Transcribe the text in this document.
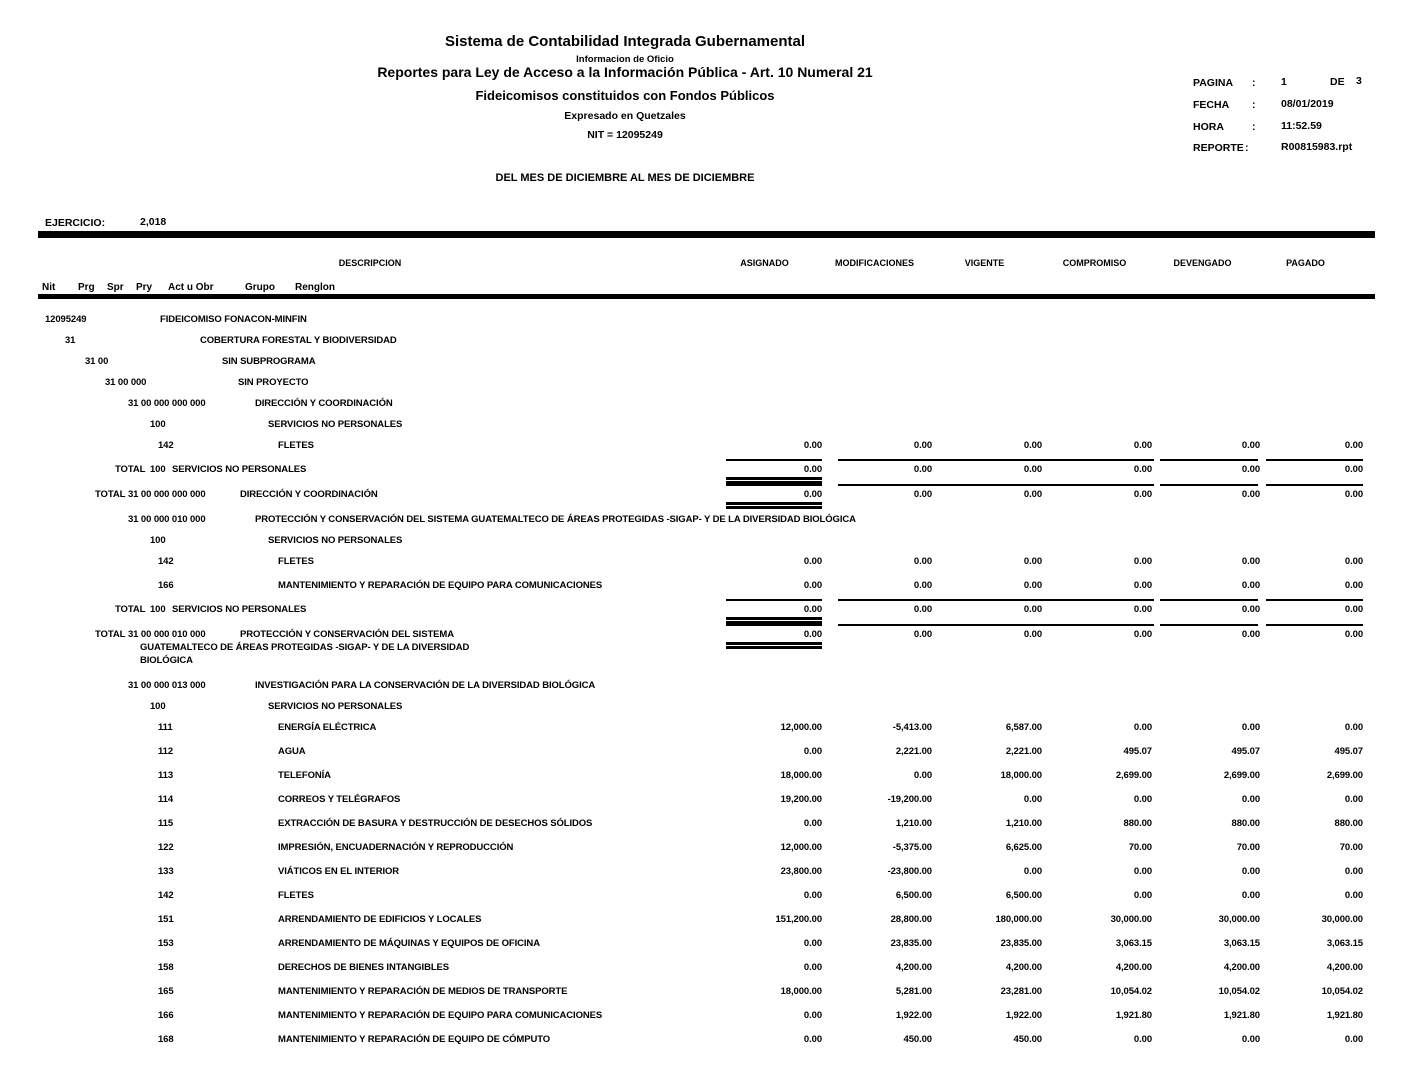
Sistema de Contabilidad Integrada Gubernamental
Informacion de Oficio
Reportes para Ley de Acceso a la Información Pública - Art. 10 Numeral 21
Fideicomisos constituidos con Fondos Públicos
Expresado en Quetzales
NIT = 12095249
DEL MES DE DICIEMBRE AL MES DE DICIEMBRE
PAGINA : 1	DE 3
FECHA : 08/01/2019
HORA	: 11:52.59
REPORTE :	R00815983.rpt
EJERCICIO:	2,018
DESCRIPCION	ASIGNADO	MODIFICACIONES	VIGENTE	COMPROMISO	DEVENGADO	PAGADO
Nit Prg Spr Pry Act u Obr	Grupo Renglon
12095249	FIDEICOMISO FONACON-MINFIN
31	COBERTURA FORESTAL Y BIODIVERSIDAD
31 00	SIN SUBPROGRAMA
31 00 000	SIN PROYECTO
31 00 000 000 000	DIRECCIÓN Y COORDINACIÓN
100	SERVICIOS NO PERSONALES
142	FLETES	0.00	0.00	0.00	0.00	0.00	0.00
TOTAL 100 SERVICIOS NO PERSONALES	0.00	0.00	0.00	0.00	0.00	0.00
TOTAL 31 00 000 000 000	DIRECCIÓN Y COORDINACIÓN	0.00	0.00	0.00	0.00	0.00	0.00
31 00 000 010 000	PROTECCIÓN Y CONSERVACIÓN DEL SISTEMA GUATEMALTECO DE ÁREAS PROTEGIDAS -SIGAP- Y DE LA DIVERSIDAD BIOLÓGICA
100	SERVICIOS NO PERSONALES
142	FLETES	0.00	0.00	0.00	0.00	0.00	0.00
166	MANTENIMIENTO Y REPARACIÓN DE EQUIPO PARA COMUNICACIONES	0.00	0.00	0.00	0.00	0.00	0.00
TOTAL 100 SERVICIOS NO PERSONALES	0.00	0.00	0.00	0.00	0.00	0.00
TOTAL 31 00 000 010 000	PROTECCIÓN Y CONSERVACIÓN DEL SISTEMA
GUATEMALTECO DE ÁREAS PROTEGIDAS -SIGAP- Y DE LA DIVERSIDAD
BIOLÓGICA
0.00	0.00	0.00	0.00	0.00	0.00
31 00 000 013 000	INVESTIGACIÓN PARA LA CONSERVACIÓN DE LA DIVERSIDAD BIOLÓGICA
100	SERVICIOS NO PERSONALES
111	ENERGÍA ELÉCTRICA	12,000.00	-5,413.00	6,587.00	0.00	0.00	0.00
112	AGUA	0.00	2,221.00	2,221.00	495.07	495.07	495.07
113	TELEFONÍA	18,000.00	0.00	18,000.00	2,699.00	2,699.00	2,699.00
114	CORREOS Y TELÉGRAFOS	19,200.00	-19,200.00	0.00	0.00	0.00	0.00
115	EXTRACCIÓN DE BASURA Y DESTRUCCIÓN DE DESECHOS SÓLIDOS	0.00	1,210.00	1,210.00	880.00	880.00	880.00
122	IMPRESIÓN, ENCUADERNACIÓN Y REPRODUCCIÓN	12,000.00	-5,375.00	6,625.00	70.00	70.00	70.00
133	VIÁTICOS EN EL INTERIOR	23,800.00	-23,800.00	0.00	0.00	0.00	0.00
142	FLETES	0.00	6,500.00	6,500.00	0.00	0.00	0.00
151	ARRENDAMIENTO DE EDIFICIOS Y LOCALES	151,200.00	28,800.00	180,000.00	30,000.00	30,000.00	30,000.00
153	ARRENDAMIENTO DE MÁQUINAS Y EQUIPOS DE OFICINA	0.00	23,835.00	23,835.00	3,063.15	3,063.15	3,063.15
158	DERECHOS DE BIENES INTANGIBLES	0.00	4,200.00	4,200.00	4,200.00	4,200.00	4,200.00
165	MANTENIMIENTO Y REPARACIÓN DE MEDIOS DE TRANSPORTE	18,000.00	5,281.00	23,281.00	10,054.02	10,054.02	10,054.02
166	MANTENIMIENTO Y REPARACIÓN DE EQUIPO PARA COMUNICACIONES	0.00	1,922.00	1,922.00	1,921.80	1,921.80	1,921.80
168	MANTENIMIENTO Y REPARACIÓN DE EQUIPO DE CÓMPUTO	0.00	450.00	450.00	0.00	0.00	0.00
